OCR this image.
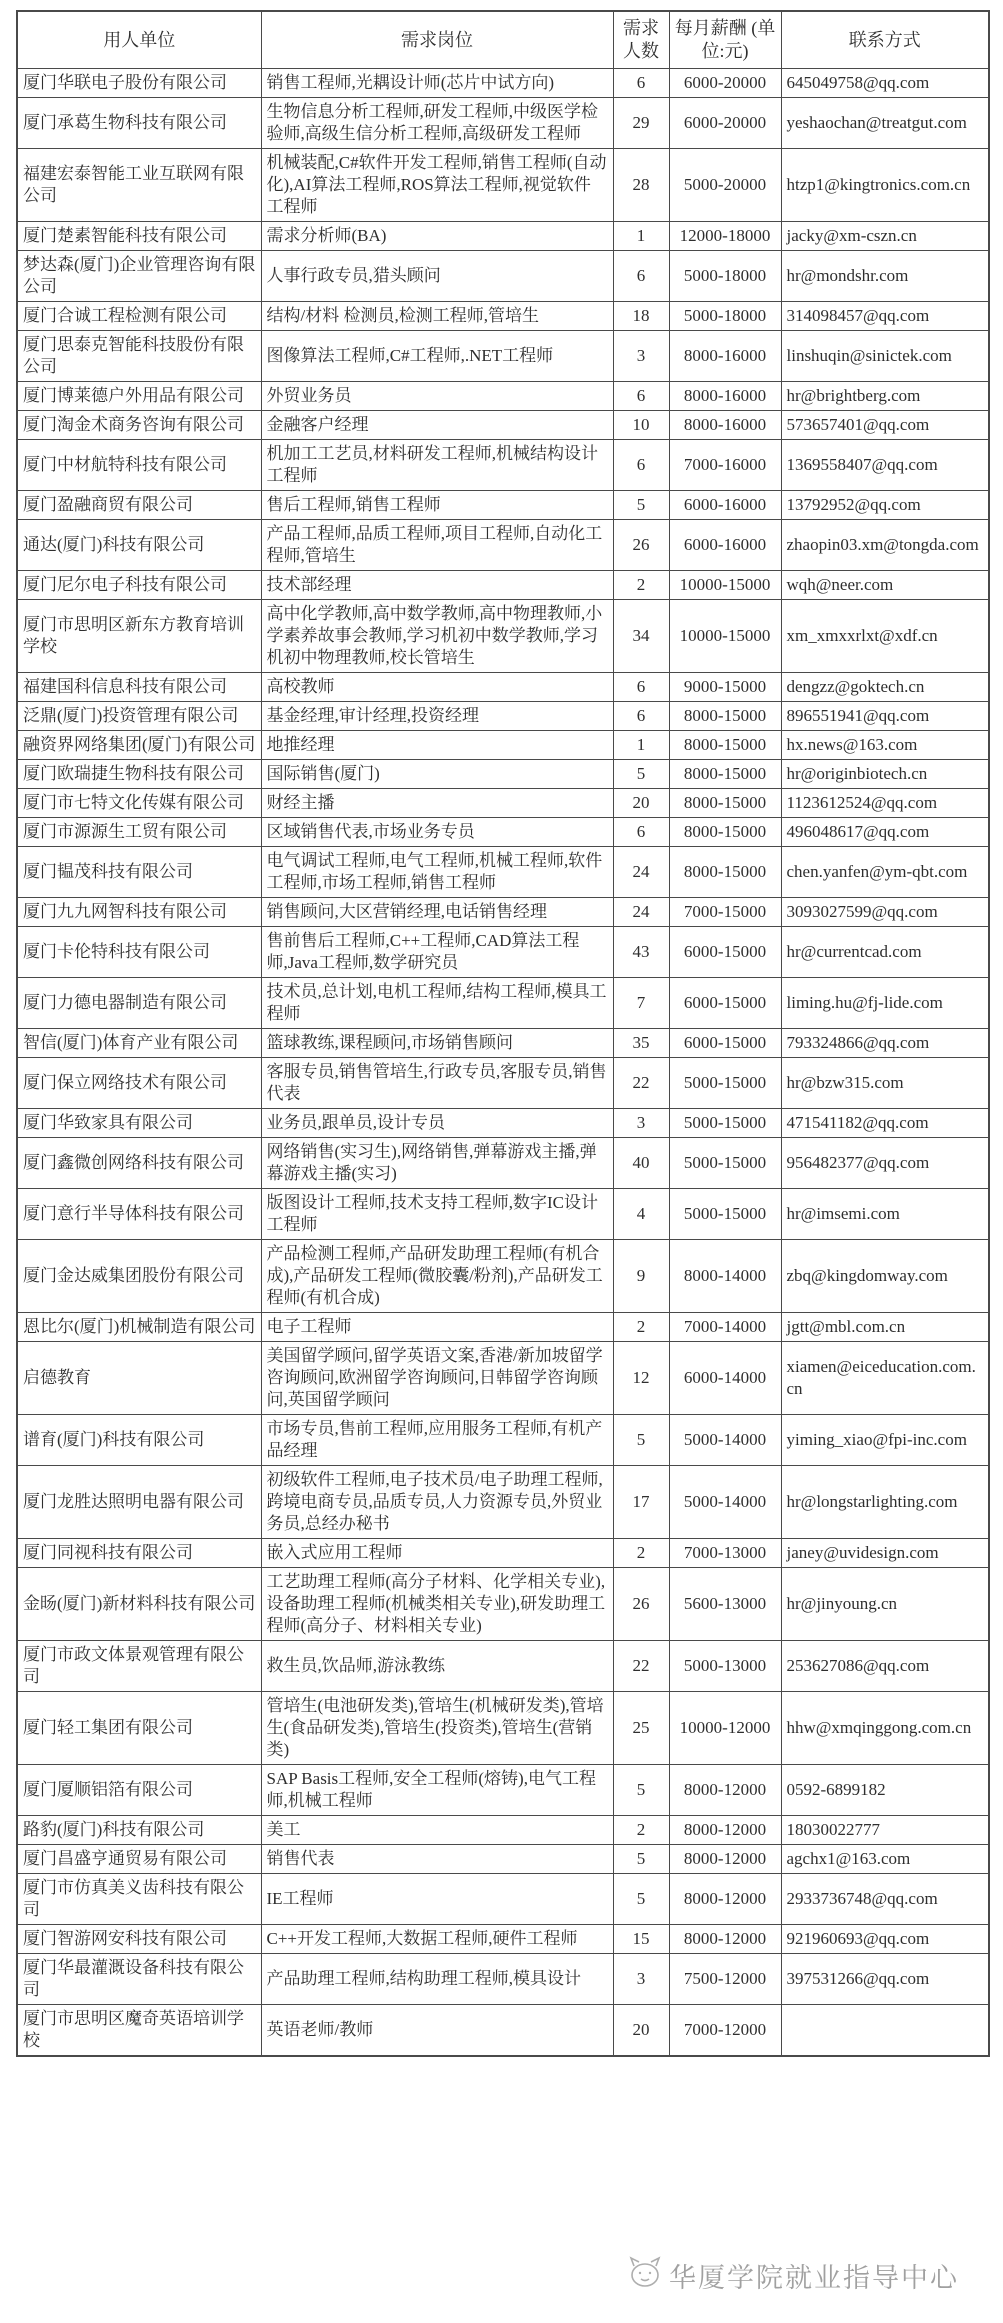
用人单位	需求岗位	需求人数	每月薪酬 (单位:元)	联系方式
厦门华联电子股份有限公司	销售工程师,光耦设计师(芯片中试方向)	6	6000-20000	645049758@qq.com
厦门承葛生物科技有限公司	生物信息分析工程师,研发工程师,中级医学检验师,高级生信分析工程师,高级研发工程师	29	6000-20000	yeshaochan@treatgut.com
福建宏泰智能工业互联网有限公司	机械装配,C#软件开发工程师,销售工程师(自动化),AI算法工程师,ROS算法工程师,视觉软件工程师	28	5000-20000	htzp1@kingtronics.com.cn
厦门楚素智能科技有限公司	需求分析师(BA)	1	12000-18000	jacky@xm-cszn.cn
梦达森(厦门)企业管理咨询有限公司	人事行政专员,猎头顾问	6	5000-18000	hr@mondshr.com
厦门合诚工程检测有限公司	结构/材料 检测员,检测工程师,管培生	18	5000-18000	314098457@qq.com
厦门思泰克智能科技股份有限公司	图像算法工程师,C#工程师,.NET工程师	3	8000-16000	linshuqin@sinictek.com
厦门博莱德户外用品有限公司	外贸业务员	6	8000-16000	hr@brightberg.com
厦门淘金术商务咨询有限公司	金融客户经理	10	8000-16000	573657401@qq.com
厦门中材航特科技有限公司	机加工工艺员,材料研发工程师,机械结构设计工程师	6	7000-16000	1369558407@qq.com
厦门盈融商贸有限公司	售后工程师,销售工程师	5	6000-16000	13792952@qq.com
通达(厦门)科技有限公司	产品工程师,品质工程师,项目工程师,自动化工程师,管培生	26	6000-16000	zhaopin03.xm@tongda.com
厦门尼尔电子科技有限公司	技术部经理	2	10000-15000	wqh@neer.com
厦门市思明区新东方教育培训学校	高中化学教师,高中数学教师,高中物理教师,小学素养故事会教师,学习机初中数学教师,学习机初中物理教师,校长管培生	34	10000-15000	xm_xmxxrlxt@xdf.cn
福建国科信息科技有限公司	高校教师	6	9000-15000	dengzz@goktech.cn
泛鼎(厦门)投资管理有限公司	基金经理,审计经理,投资经理	6	8000-15000	896551941@qq.com
融资界网络集团(厦门)有限公司	地推经理	1	8000-15000	hx.news@163.com
厦门欧瑞捷生物科技有限公司	国际销售(厦门)	5	8000-15000	hr@originbiotech.cn
厦门市七特文化传媒有限公司	财经主播	20	8000-15000	1123612524@qq.com
厦门市源源生工贸有限公司	区域销售代表,市场业务专员	6	8000-15000	496048617@qq.com
厦门韫茂科技有限公司	电气调试工程师,电气工程师,机械工程师,软件工程师,市场工程师,销售工程师	24	8000-15000	chen.yanfen@ym-qbt.com
厦门九九网智科技有限公司	销售顾问,大区营销经理,电话销售经理	24	7000-15000	3093027599@qq.com
厦门卡伦特科技有限公司	售前售后工程师,C++工程师,CAD算法工程师,Java工程师,数学研究员	43	6000-15000	hr@currentcad.com
厦门力德电器制造有限公司	技术员,总计划,电机工程师,结构工程师,模具工程师	7	6000-15000	liming.hu@fj-lide.com
智信(厦门)体育产业有限公司	篮球教练,课程顾问,市场销售顾问	35	6000-15000	793324866@qq.com
厦门保立网络技术有限公司	客服专员,销售管培生,行政专员,客服专员,销售代表	22	5000-15000	hr@bzw315.com
厦门华致家具有限公司	业务员,跟单员,设计专员	3	5000-15000	471541182@qq.com
厦门鑫微创网络科技有限公司	网络销售(实习生),网络销售,弹幕游戏主播,弹幕游戏主播(实习)	40	5000-15000	956482377@qq.com
厦门意行半导体科技有限公司	版图设计工程师,技术支持工程师,数字IC设计工程师	4	5000-15000	hr@imsemi.com
厦门金达威集团股份有限公司	产品检测工程师,产品研发助理工程师(有机合成),产品研发工程师(微胶囊/粉剂),产品研发工程师(有机合成)	9	8000-14000	zbq@kingdomway.com
恩比尔(厦门)机械制造有限公司	电子工程师	2	7000-14000	jgtt@mbl.com.cn
启德教育	美国留学顾问,留学英语文案,香港/新加坡留学咨询顾问,欧洲留学咨询顾问,日韩留学咨询顾问,英国留学顾问	12	6000-14000	xiamen@eiceducation.com.cn
谱育(厦门)科技有限公司	市场专员,售前工程师,应用服务工程师,有机产品经理	5	5000-14000	yiming_xiao@fpi-inc.com
厦门龙胜达照明电器有限公司	初级软件工程师,电子技术员/电子助理工程师,跨境电商专员,品质专员,人力资源专员,外贸业务员,总经办秘书	17	5000-14000	hr@longstarlighting.com
厦门同视科技有限公司	嵌入式应用工程师	2	7000-13000	janey@uvidesign.com
金旸(厦门)新材料科技有限公司	工艺助理工程师(高分子材料、化学相关专业),设备助理工程师(机械类相关专业),研发助理工程师(高分子、材料相关专业)	26	5600-13000	hr@jinyoung.cn
厦门市政文体景观管理有限公司	救生员,饮品师,游泳教练	22	5000-13000	253627086@qq.com
厦门轻工集团有限公司	管培生(电池研发类),管培生(机械研发类),管培生(食品研发类),管培生(投资类),管培生(营销类)	25	10000-12000	hhw@xmqinggong.com.cn
厦门厦顺铝箔有限公司	SAP Basis工程师,安全工程师(熔铸),电气工程师,机械工程师	5	8000-12000	0592-6899182
路豹(厦门)科技有限公司	美工	2	8000-12000	18030022777
厦门昌盛亨通贸易有限公司	销售代表	5	8000-12000	agchx1@163.com
厦门市仿真美义齿科技有限公司	IE工程师	5	8000-12000	2933736748@qq.com
厦门智游网安科技有限公司	C++开发工程师,大数据工程师,硬件工程师	15	8000-12000	921960693@qq.com
厦门华最灌溉设备科技有限公司	产品助理工程师,结构助理工程师,模具设计	3	7500-12000	397531266@qq.com
厦门市思明区魔奇英语培训学校	英语老师/教师	20	7000-12000	
华厦学院就业指导中心
